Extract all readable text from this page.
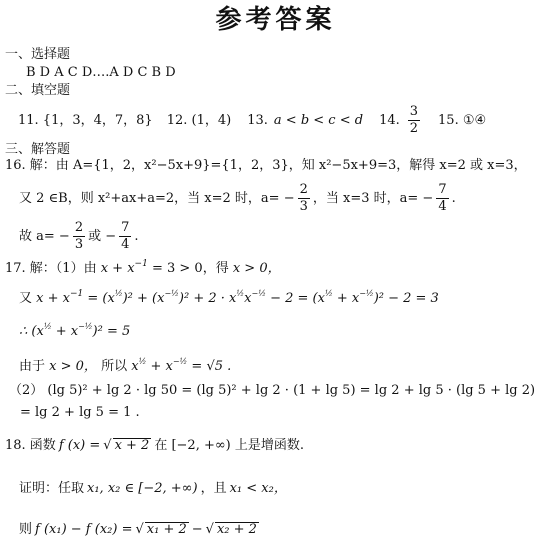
参考答案
一、选择题
B D A C D….A D C B D
二、填空题
11. {1，3，4，7，8} 12. (1，4) 13. a < b < c < d 14. $\frac{3}{2} 15$. ①④
三、解答题
16. 解：由 A={1，2，x²−5x+9}={1，2，3}，知 x²−5x+9=3，解得 x=2 或 x=3，
又 2 ∈B，则 x²+ax+a=2，当 x=2 时，$a= - \frac{2}{3}$ ，当 x=3 时，$a= - \frac{7}{4}$ .
故 $a= - \frac{2}{3}$ 或 − $\frac{7}{4}$ .
17. 解：（1）由 $x + x^{-1} = 3 > 0$，得 x > 0，
又 $x + x^{-1} = (x^{\frac{1}{2}})^2 + (x^{-\frac{1}{2}})^2 + 2 \cdot x^{\frac{1}{2}}x^{-\frac{1}{2}} - 2 = (x^{\frac{1}{2}} + x^{-\frac{1}{2}})^2 - 2 = 3$
∴ $(x^{\frac{1}{2}} + x^{-\frac{1}{2}})^2 = 5$
由于 x > 0， 所以 $x^{\frac{1}{2}} + x^{-\frac{1}{2}} = √5$ .
（2） (lg 5)² + lg 2 · lg 50 = (lg 5)² + lg 2 · (1 + lg 5) = lg 2 + lg 5 · (lg 5 + lg 2)
= lg 2 + lg 5 = 1 .
18. 函数 f (x) = √ x + 2 在 [−2, +∞) 上是增函数.
证明：任取 x₁, x₂ ∈ [−2, +∞) ，且 x₁ < x₂，
则 f (x₁) − f (x₂) = √ x₁ + 2 − √ x₂ + 2
